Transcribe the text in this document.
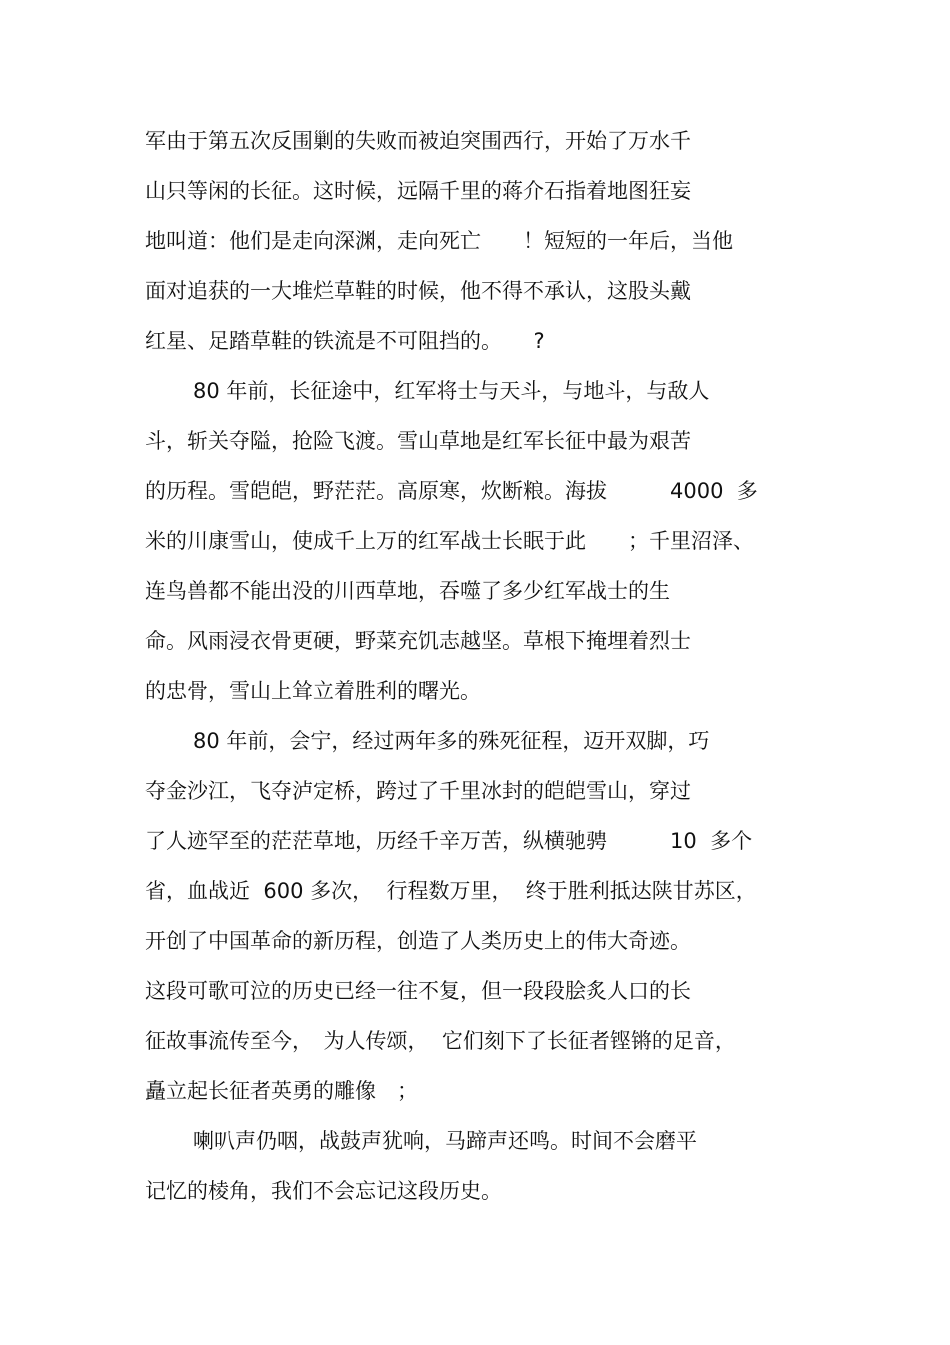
军由于第五次反围剿的失败而被迫突围西行，开始了万水千
山只等闲的长征。这时候，远隔千里的蒋介石指着地图狂妄
地叫道：他们是走向深渊，走向死亡　　！短短的一年后，当他
面对追获的一大堆烂草鞋的时候，他不得不承认，这股头戴
红星、足踏草鞋的铁流是不可阻挡的。　　?
80 年前，长征途中，红军将士与天斗，与地斗，与敌人
斗，斩关夺隘，抢险飞渡。雪山草地是红军长征中最为艰苦
的历程。雪皑皑，野茫茫。高原寒，炊断粮。海拔　　　4000  多
米的川康雪山，使成千上万的红军战士长眠于此　　；千里沼泽、
连鸟兽都不能出没的川西草地，吞噬了多少红军战士的生
命。风雨浸衣骨更硬，野菜充饥志越坚。草根下掩埋着烈士
的忠骨，雪山上耸立着胜利的曙光。
80 年前，会宁，经过两年多的殊死征程，迈开双脚，巧
夺金沙江，飞夺泸定桥，跨过了千里冰封的皑皑雪山，穿过
了人迹罕至的茫茫草地，历经千辛万苦，纵横驰骋　　　10  多个
省，血战近  600 多次，  行程数万里，  终于胜利抵达陕甘苏区，
开创了中国革命的新历程，创造了人类历史上的伟大奇迹。
这段可歌可泣的历史已经一往不复，但一段段脍炙人口的长
征故事流传至今，　为人传颂，  它们刻下了长征者铿锵的足音，
矗立起长征者英勇的雕像　；
喇叭声仍咽，战鼓声犹响，马蹄声还鸣。时间不会磨平
记忆的棱角，我们不会忘记这段历史。
